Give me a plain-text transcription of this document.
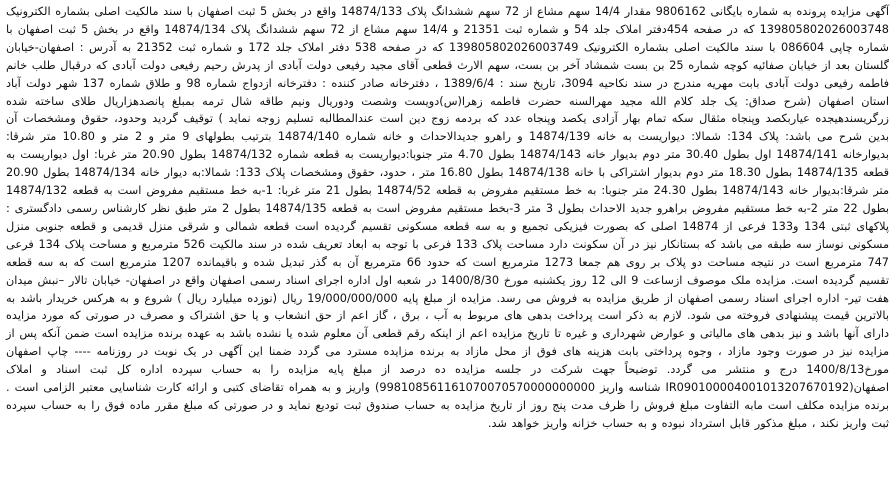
آگهی مزایده پرونده به شماره بایگانی 9806162 مقدار 14/4 سهم مشاع از 72 سهم ششدانگ پلاک 14874/133 واقع در بخش 5 ثبت اصفهان با سند مالکیت اصلی بشماره الکترونیک 139805802026003748 که در صفحه 454دفتر املاک جلد 54 و شماره ثبت 21351 و 14/4 سهم مشاع از 72 سهم ششدانگ پلاک 14874/134 واقع در بخش 5 ثبت اصفهان با شماره چاپی 086604 با سند مالکیت اصلی بشماره الکترونیک 139805802026003749 که در صفحه 538 دفتر املاک جلد 172 و شماره ثبت 21352 به آدرس : اصفهان-خیابان گلستان بعد از خیابان صفائیه کوچه شماره 25 بن بست شمشاد آخر بن بست، سهم الارث قطعی آقای مجید رفیعی دولت آبادی از پدرش رحیم رفیعی دولت آبادی که درقبال طلب خانم فاطمه رفیعی دولت آبادی بابت مهریه مندرج در سند نکاحیه 3094، تاریخ سند : 1389/6/4 ، دفترخانه صادر کننده : دفترخانه ازدواج شماره 98 و طلاق شماره 137 شهر دولت آباد استان اصفهان (شرح صداق: یک جلد کلام الله مجید مهرالسنه حضرت فاطمه زهرا(س)دویست وشصت ودوریال ونیم طاقه شال ترمه بمبلغ پانصدهزاریال طلای ساخته شده زرگریسندهیجده عیاربکصد وپنجاه مثقال سکه تمام بهار آزادی یکصد وپنجاه عدد که بردمه زوج دین است عندالمطالبه تسلیم زوجه نماید ) توقیف گردید وحدود، حقوق ومشخصات آن بدین شرح می باشد: پلاک 134: شمالا: دیواریست به خانه 14874/139 و راهرو جدیدالاحداث و خانه شماره 14874/140 بترتیب بطولهای 9 متر و 2 متر و 10.80 متر شرقا: بدیوارخانه 14874/141 اول بطول 30.40 متر دوم بدیوار خانه 14874/143 بطول 4.70 متر جنوبا:دیواریست به قطعه شماره 14874/132 بطول 20.90 متر غربا: اول دیواریست به قطعه 14874/135 بطول 18.30 متر دوم بدیوار اشتراکی با خانه 14874/138 بطول 16.80 متر ، حدود، حقوق ومشخصات پلاک 133: شمالا:به دیوار خانه 14874/134 بطول 20.90 متر شرقا:بدیوار خانه 14874/143 بطول 24.30 متر جنوبا: به خط مستقیم مفروض به قطعه 14874/52 بطول 21 متر غربا: 1-به خط مستقیم مفروض است به قطعه 14874/132 بطول 22 متر 2-به خط مستقیم مفروض براهرو جدید الاحداث بطول 3 متر 3-بخط مستقیم مفروض است به قطعه 14874/135 بطول 2 متر طبق نظر کارشناس رسمی دادگستری : پلاکهای ثبتی 134 و133 فرعی از 14874 اصلی که بصورت فیزیکی تجمیع و به سه قطعه مسکونی تقسیم گردیده است قطعه شمالی و شرقی منزل قدیمی و قطعه جنوبی منزل مسکونی نوساز سه طبقه می باشد که بستانکار نیز در آن سکونت دارد مساحت پلاک 133 فرعی با توجه به ابعاد تعریف شده در سند مالکیت 526 مترمربع و مساحت پلاک 134 فرعی 747 مترمربع است در نتیجه مساحت دو پلاک بر روی هم جمعا 1273 مترمربع است که حدود 66 مترمربع آن به گذر تبدیل شده و باقیمانده 1207 مترمربع است که به سه قطعه تقسیم گردیده است. مزایده ملک موصوف ازساعت 9 الی 12 روز یکشنبه مورخ 1400/8/30 در شعبه اول اداره اجرای اسناد رسمی اصفهان واقع در اصفهان- خیابان تالار –نبش میدان هفت تیر- اداره اجرای اسناد رسمی اصفهان از طریق مزایده به فروش می رسد. مزایده از مبلغ پایه 19/000/000/000 ریال (نوزده میلیارد ریال ) شروع و به هرکس خریدار باشد به بالاترین قیمت پیشنهادی فروخته می شود. لازم به ذکر است پرداخت بدهی های مربوط به آب ، برق ، گاز اعم از حق انشعاب و یا حق اشتراک و مصرف در صورتی که مورد مزایده دارای آنها باشد و نیز بدهی های مالیاتی و عوارض شهرداری و غیره تا تاریخ مزایده اعم از اینکه رقم قطعی آن معلوم شده یا نشده باشد به عهده برنده مزایده است ضمن آنکه پس از مزایده نیز در صورت وجود مازاد ، وجوه پرداختی بابت هزینه های فوق از محل مازاد به برنده مزایده مسترد می گردد ضمنا این آگهی در یک نوبت در روزنامه ---- چاپ اصفهان مورخ1400/8/13 درج و منتشر می گردد. توضیحاً جهت شرکت در جلسه مزایده ده درصد از مبلغ پایه مزایده را به حساب سپرده اداره کل ثبت اسناد و املاک اصفهان(IR090100004001013207670192 شناسه واریز 998108561161070070570000000000) واریز و به همراه تقاضای کتبی و ارائه کارت شناسایی معتبر الزامی است . برنده مزایده مکلف است مابه التفاوت مبلغ فروش را ظرف مدت پنج روز از تاریخ مزایده به حساب صندوق ثبت تودیع نماید و در صورتی که مبلغ مقرر ماده فوق را به حساب سپرده ثبت واریز نکند ، مبلغ مذکور قابل استرداد نبوده و به حساب خزانه واریز خواهد شد.
